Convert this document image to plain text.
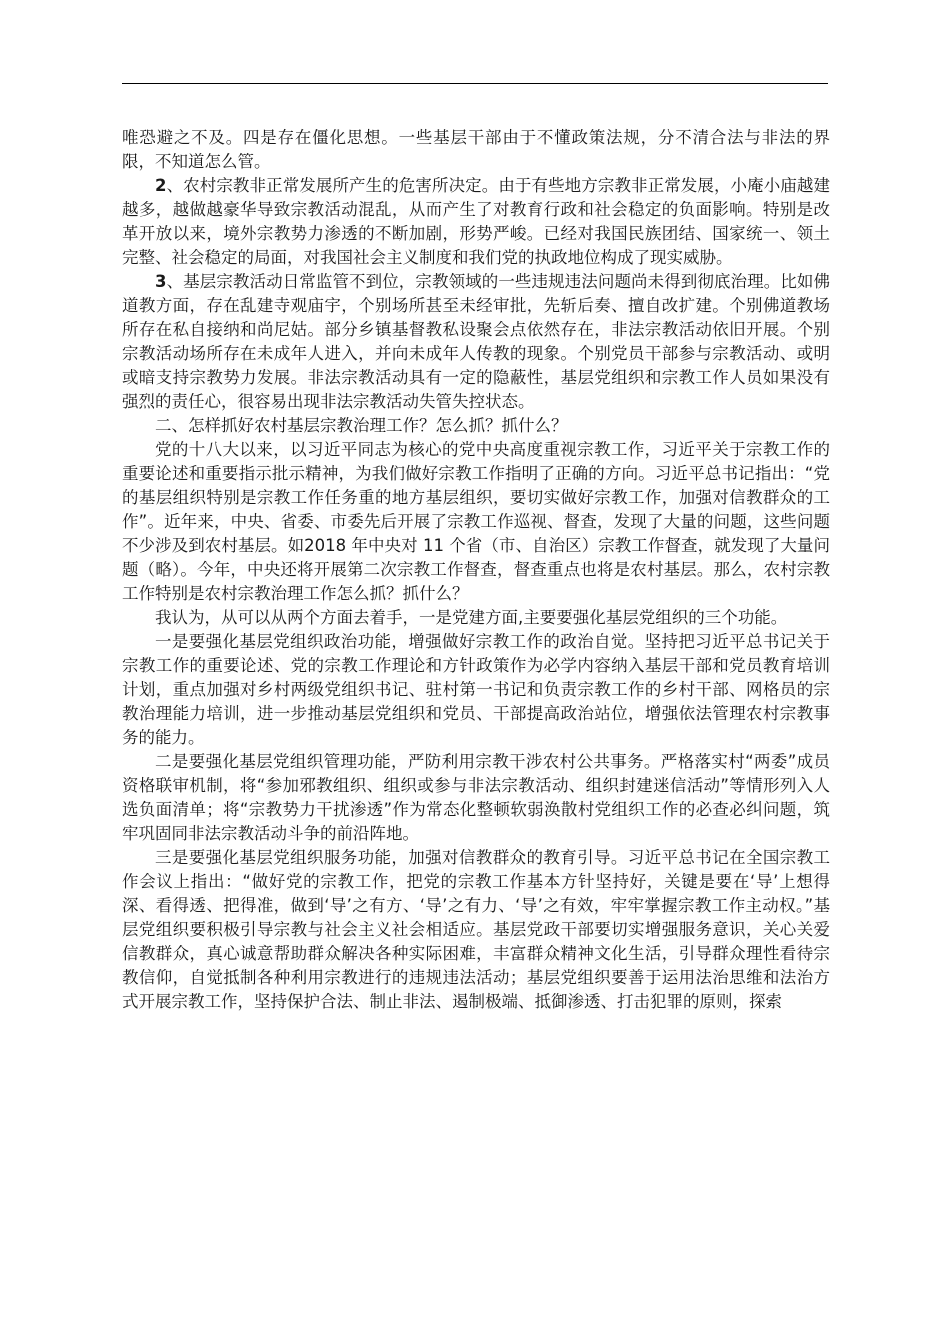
唯恐避之不及。四是存在僵化思想。一些基层干部由于不懂政策法规，分不清合法与非法的界限，不知道怎么管。

2、农村宗教非正常发展所产生的危害所决定。由于有些地方宗教非正常发展，小庵小庙越建越多，越做越豪华导致宗教活动混乱，从而产生了对教育行政和社会稳定的负面影响。特别是改革开放以来，境外宗教势力渗透的不断加剧，形势严峻。已经对我国民族团结、国家统一、领土完整、社会稳定的局面，对我国社会主义制度和我们党的执政地位构成了现实威胁。

3、基层宗教活动日常监管不到位，宗教领域的一些违规违法问题尚未得到彻底治理。比如佛道教方面，存在乱建寺观庙宇，个别场所甚至未经审批，先斩后奏、擅自改扩建。个别佛道教场所存在私自接纳和尚尼姑。部分乡镇基督教私设聚会点依然存在，非法宗教活动依旧开展。个别宗教活动场所存在未成年人进入，并向未成年人传教的现象。个别党员干部参与宗教活动、或明或暗支持宗教势力发展。非法宗教活动具有一定的隐蔽性，基层党组织和宗教工作人员如果没有强烈的责任心，很容易出现非法宗教活动失管失控状态。

二、怎样抓好农村基层宗教治理工作？怎么抓？抓什么？

党的十八大以来，以习近平同志为核心的党中央高度重视宗教工作，习近平关于宗教工作的重要论述和重要指示批示精神，为我们做好宗教工作指明了正确的方向。习近平总书记指出：“党的基层组织特别是宗教工作任务重的地方基层组织，要切实做好宗教工作，加强对信教群众的工作”。近年来，中央、省委、市委先后开展了宗教工作巡视、督查，发现了大量的问题，这些问题不少涉及到农村基层。如2018 年中央对 11 个省（市、自治区）宗教工作督查，就发现了大量问题（略）。今年，中央还将开展第二次宗教工作督查，督查重点也将是农村基层。那么，农村宗教工作特别是农村宗教治理工作怎么抓？抓什么？

我认为，从可以从两个方面去着手，一是党建方面,主要要强化基层党组织的三个功能。

一是要强化基层党组织政治功能，增强做好宗教工作的政治自觉。坚持把习近平总书记关于宗教工作的重要论述、党的宗教工作理论和方针政策作为必学内容纳入基层干部和党员教育培训计划，重点加强对乡村两级党组织书记、驻村第一书记和负责宗教工作的乡村干部、网格员的宗教治理能力培训，进一步推动基层党组织和党员、干部提高政治站位，增强依法管理农村宗教事务的能力。

二是要强化基层党组织管理功能，严防利用宗教干涉农村公共事务。严格落实村“两委”成员资格联审机制，将“参加邪教组织、组织或参与非法宗教活动、组织封建迷信活动”等情形列入人选负面清单；将“宗教势力干扰渗透”作为常态化整顿软弱涣散村党组织工作的必查必纠问题，筑牢巩固同非法宗教活动斗争的前沿阵地。

三是要强化基层党组织服务功能，加强对信教群众的教育引导。习近平总书记在全国宗教工作会议上指出：“做好党的宗教工作，把党的宗教工作基本方针坚持好，关键是要在‘导’上想得深、看得透、把得准，做到‘导’之有方、‘导’之有力、‘导’之有效，牢牢掌握宗教工作主动权。”基层党组织要积极引导宗教与社会主义社会相适应。基层党政干部要切实增强服务意识，关心关爱信教群众，真心诚意帮助群众解决各种实际困难，丰富群众精神文化生活，引导群众理性看待宗教信仰，自觉抵制各种利用宗教进行的违规违法活动；基层党组织要善于运用法治思维和法治方式开展宗教工作，坚持保护合法、制止非法、遏制极端、抵御渗透、打击犯罪的原则，探索
